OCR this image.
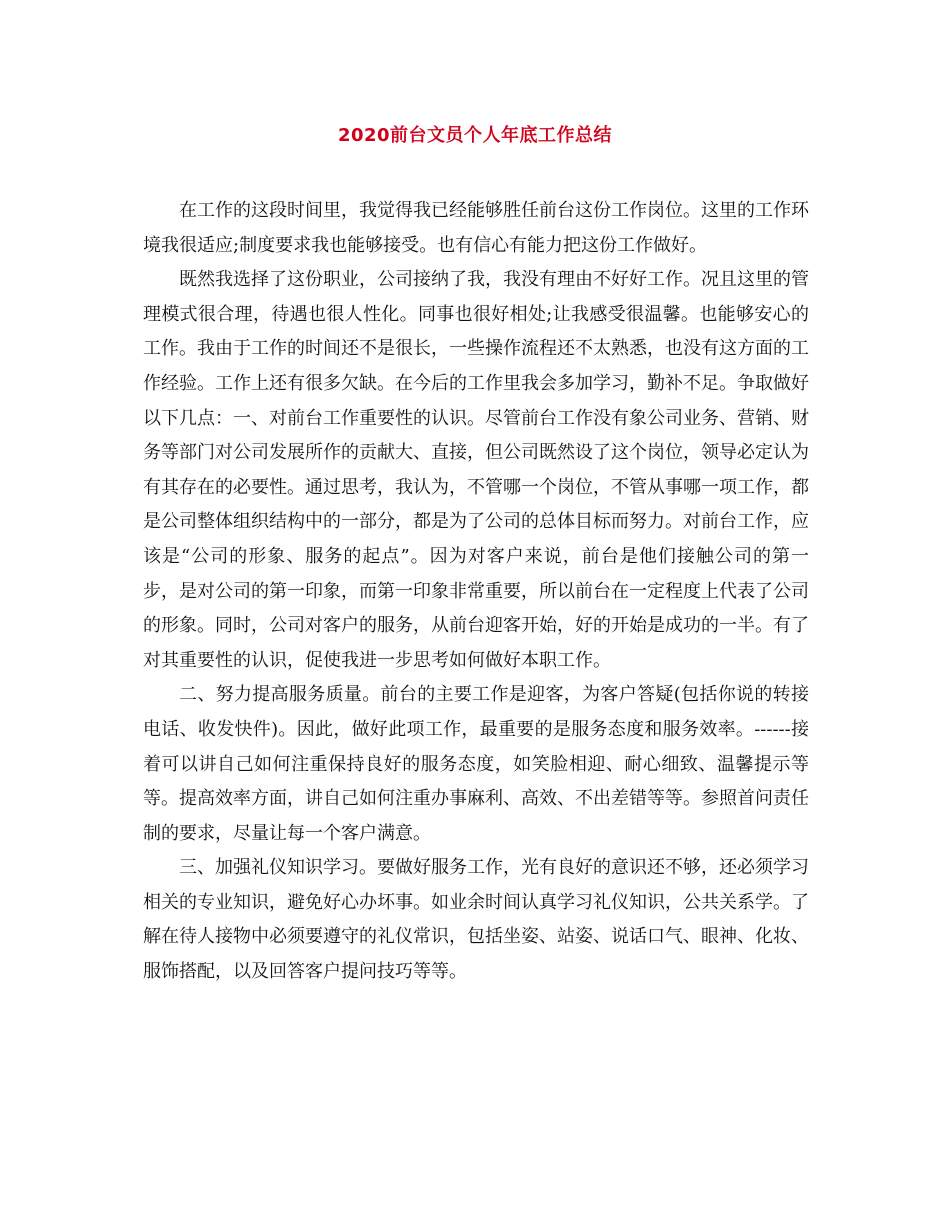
2020前台文员个人年底工作总结

在工作的这段时间里，我觉得我已经能够胜任前台这份工作岗位。这里的工作环境我很适应;制度要求我也能够接受。也有信心有能力把这份工作做好。

既然我选择了这份职业，公司接纳了我，我没有理由不好好工作。况且这里的管理模式很合理，待遇也很人性化。同事也很好相处;让我感受很温馨。也能够安心的工作。我由于工作的时间还不是很长，一些操作流程还不太熟悉，也没有这方面的工作经验。工作上还有很多欠缺。在今后的工作里我会多加学习，勤补不足。争取做好以下几点：一、对前台工作重要性的认识。尽管前台工作没有象公司业务、营销、财务等部门对公司发展所作的贡献大、直接，但公司既然设了这个岗位，领导必定认为有其存在的必要性。通过思考，我认为，不管哪一个岗位，不管从事哪一项工作，都是公司整体组织结构中的一部分，都是为了公司的总体目标而努力。对前台工作，应该是“公司的形象、服务的起点”。因为对客户来说，前台是他们接触公司的第一步，是对公司的第一印象，而第一印象非常重要，所以前台在一定程度上代表了公司的形象。同时，公司对客户的服务，从前台迎客开始，好的开始是成功的一半。有了对其重要性的认识，促使我进一步思考如何做好本职工作。

二、努力提高服务质量。前台的主要工作是迎客，为客户答疑(包括你说的转接电话、收发快件)。因此，做好此项工作，最重要的是服务态度和服务效率。------接着可以讲自己如何注重保持良好的服务态度，如笑脸相迎、耐心细致、温馨提示等等。提高效率方面，讲自己如何注重办事麻利、高效、不出差错等等。参照首问责任制的要求，尽量让每一个客户满意。

三、加强礼仪知识学习。要做好服务工作，光有良好的意识还不够，还必须学习相关的专业知识，避免好心办坏事。如业余时间认真学习礼仪知识，公共关系学。了解在待人接物中必须要遵守的礼仪常识，包括坐姿、站姿、说话口气、眼神、化妆、服饰搭配，以及回答客户提问技巧等等。
